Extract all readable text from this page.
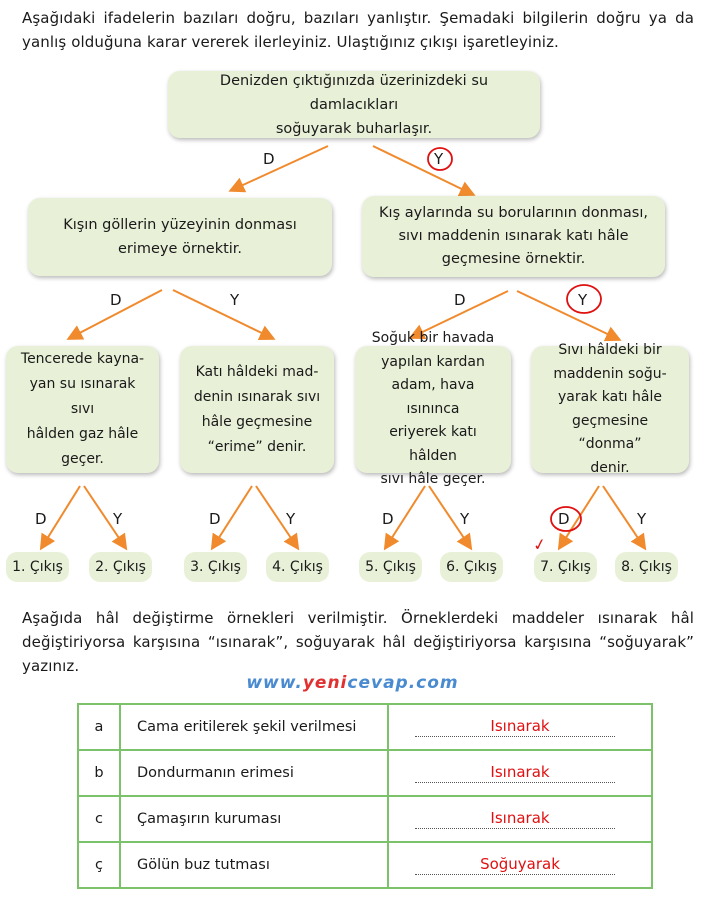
Aşağıdaki ifadelerin bazıları doğru, bazıları yanlıştır. Şemadaki bilgilerin doğru ya da yanlış olduğuna karar vererek ilerleyiniz. Ulaştığınız çıkışı işaretleyiniz.
Denizden çıktığınızda üzerinizdeki su damlacıkları
soğuyarak buharlaşır.
D	Y
Kışın göllerin yüzeyinin donması
erimeye örnektir.
Kış aylarında su borularının donması,
sıvı maddenin ısınarak katı hâle
geçmesine örnektir.
D	Y	D	Y
Tencerede kayna-
yan su ısınarak sıvı
hâlden gaz hâle
geçer.
Katı hâldeki mad-
denin ısınarak sıvı
hâle geçmesine
“erime” denir.
Soğuk bir havada
yapılan kardan
adam, hava ısınınca
eriyerek katı hâlden
sıvı hâle geçer.
Sıvı hâldeki bir
maddenin soğu-
yarak katı hâle
geçmesine “donma”
denir.
D	Y	D	Y	D	Y	D	Y
1. Çıkış	2. Çıkış	3. Çıkış	4. Çıkış	5. Çıkış	6. Çıkış	7. Çıkış	8. Çıkış
✓
Aşağıda hâl değiştirme örnekleri verilmiştir. Örneklerdeki maddeler ısınarak hâl değiştiriyorsa karşısına “ısınarak”, soğuyarak hâl değiştiriyorsa karşısına “soğuyarak” yazınız.
www.yenicevap.com
a	Cama eritilerek şekil verilmesi	Isınarak

b	Dondurmanın erimesi	Isınarak

c	Çamaşırın kuruması	Isınarak

ç	Gölün buz tutması	Soğuyarak
